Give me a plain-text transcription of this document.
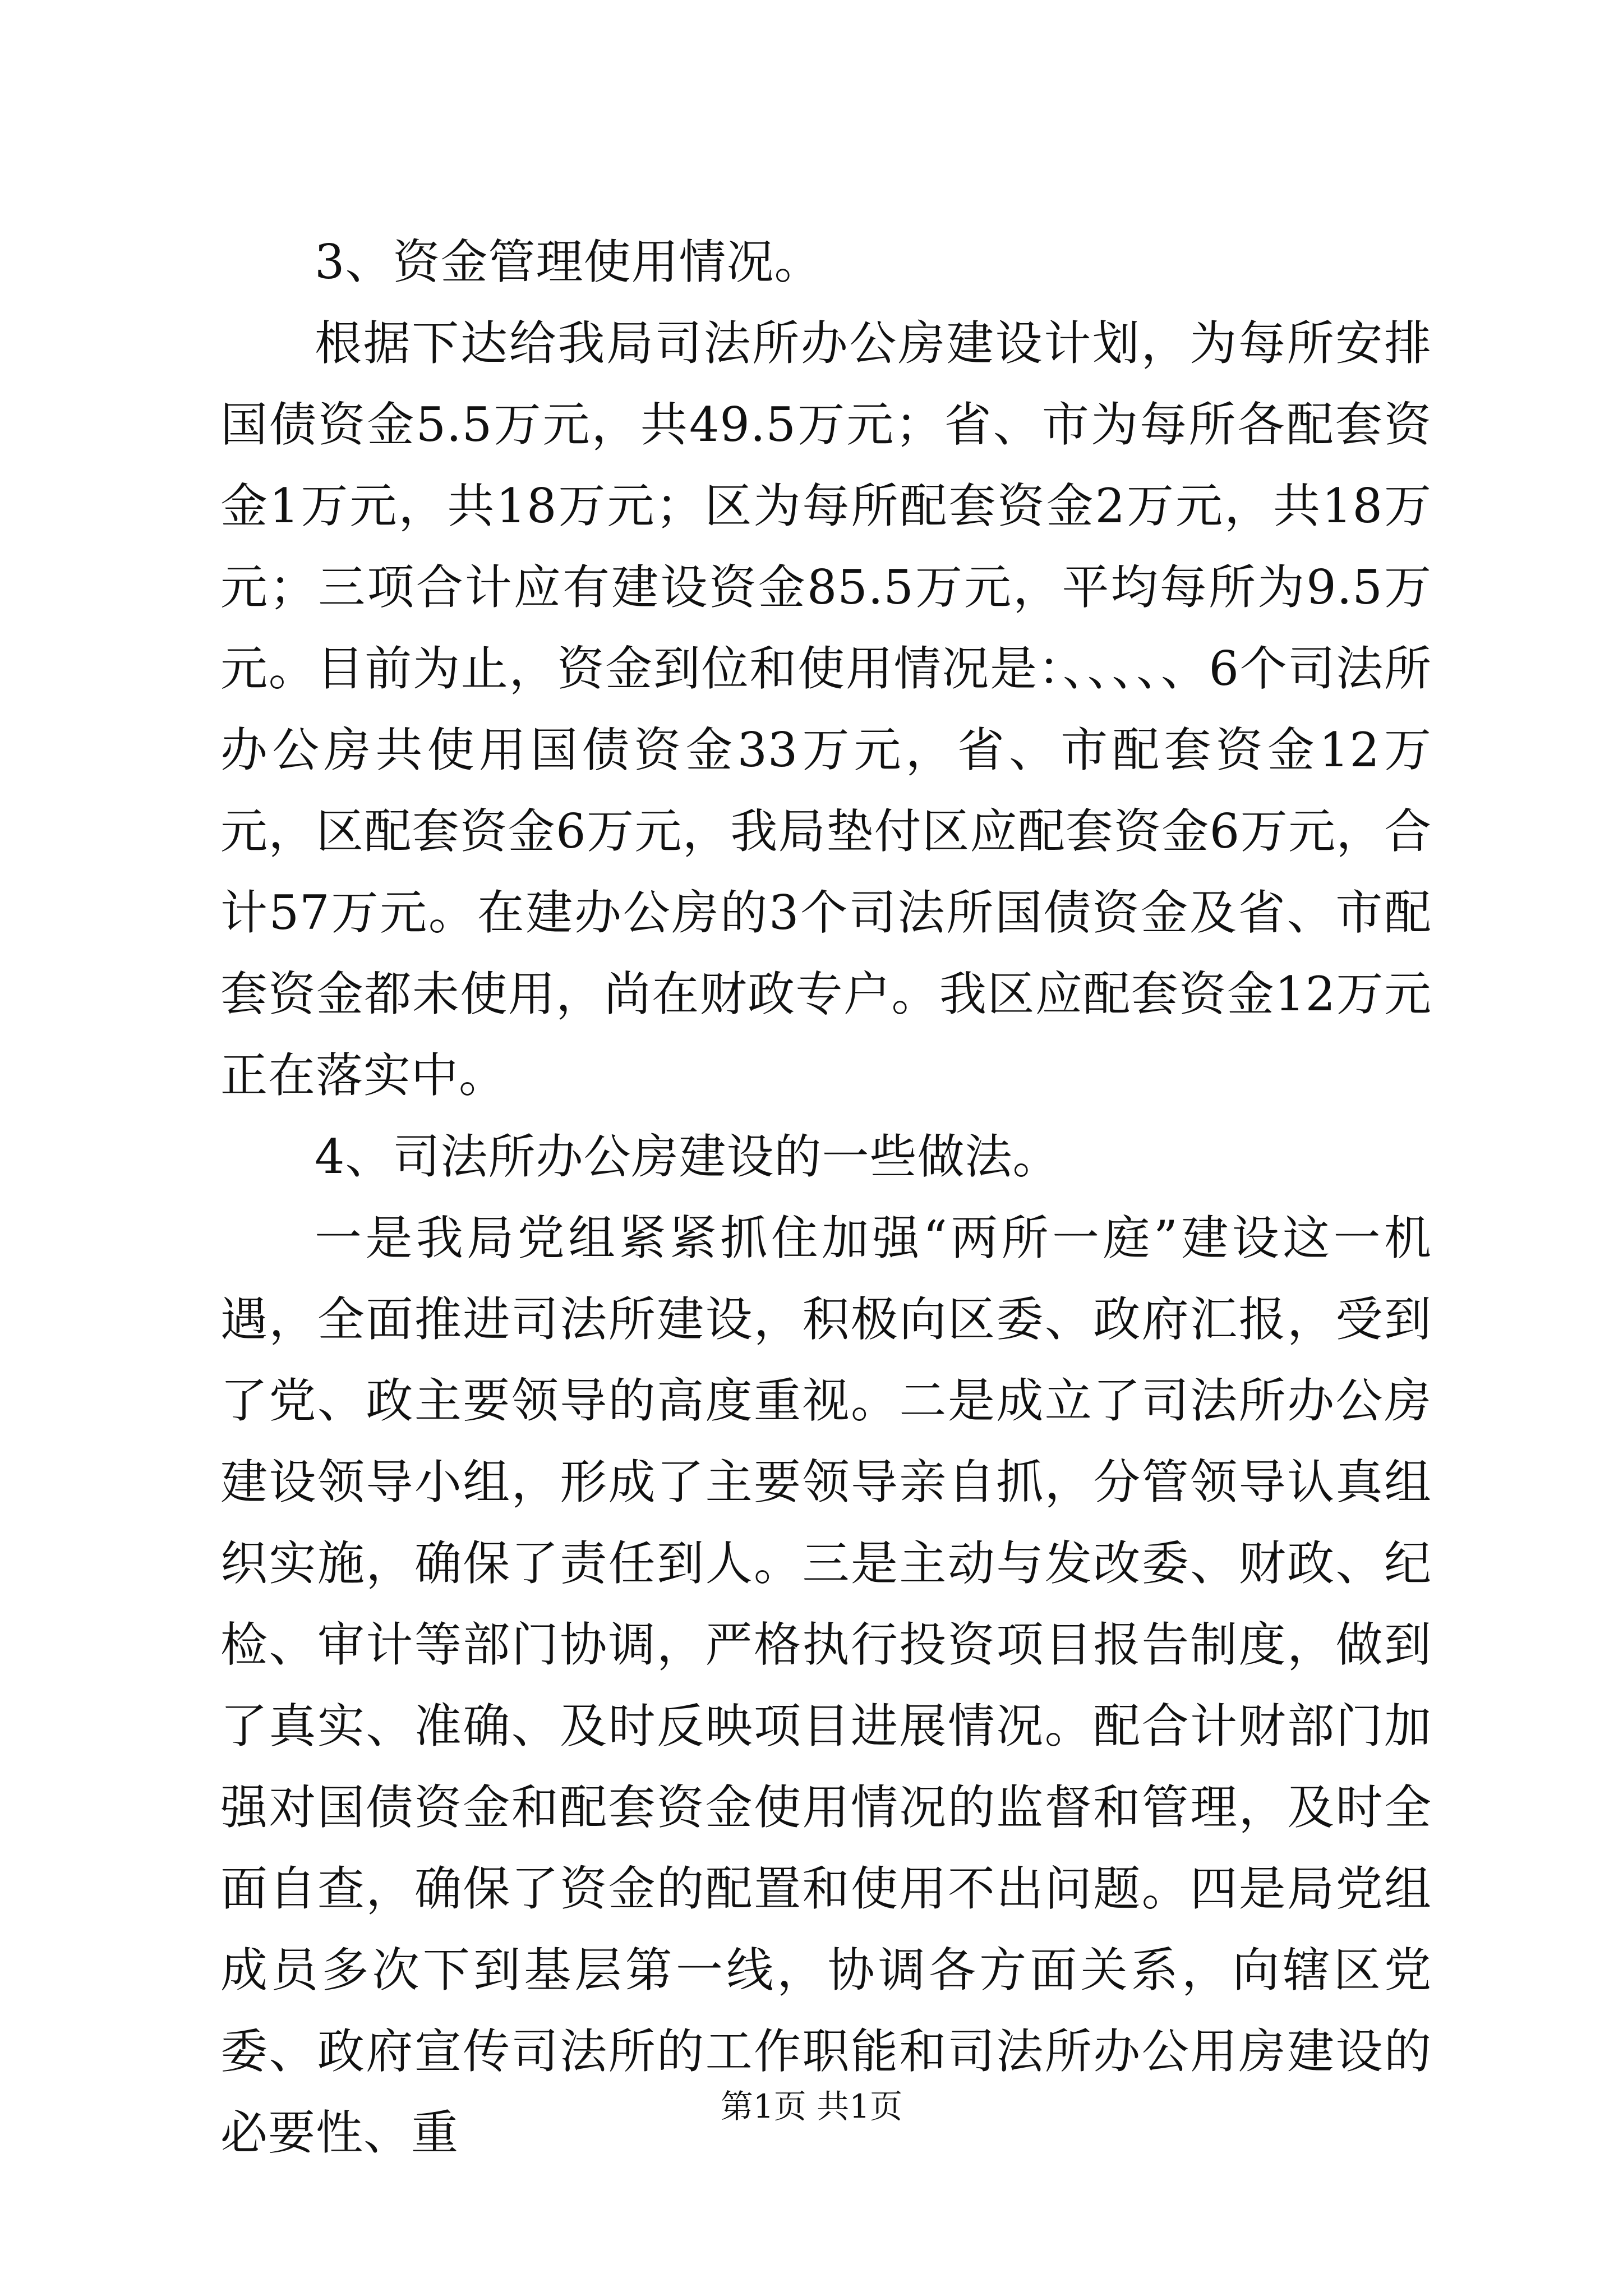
3、资金管理使用情况。

根据下达给我局司法所办公房建设计划，为每所安排国债资金5.5万元，共49.5万元；省、市为每所各配套资金1万元，共18万元；区为每所配套资金2万元，共18万元；三项合计应有建设资金85.5万元，平均每所为9.5万元。目前为止，资金到位和使用情况是：、、、、、6个司法所办公房共使用国债资金33万元，省、市配套资金12万元，区配套资金6万元，我局垫付区应配套资金6万元，合计57万元。在建办公房的3个司法所国债资金及省、市配套资金都未使用，尚在财政专户。我区应配套资金12万元正在落实中。

4、司法所办公房建设的一些做法。

一是我局党组紧紧抓住加强“两所一庭”建设这一机遇，全面推进司法所建设，积极向区委、政府汇报，受到了党、政主要领导的高度重视。二是成立了司法所办公房建设领导小组，形成了主要领导亲自抓，分管领导认真组织实施，确保了责任到人。三是主动与发改委、财政、纪检、审计等部门协调，严格执行投资项目报告制度，做到了真实、准确、及时反映项目进展情况。配合计财部门加强对国债资金和配套资金使用情况的监督和管理，及时全面自查，确保了资金的配置和使用不出问题。四是局党组成员多次下到基层第一线，协调各方面关系，向辖区党委、政府宣传司法所的工作职能和司法所办公用房建设的必要性、重	第1页 共1页
